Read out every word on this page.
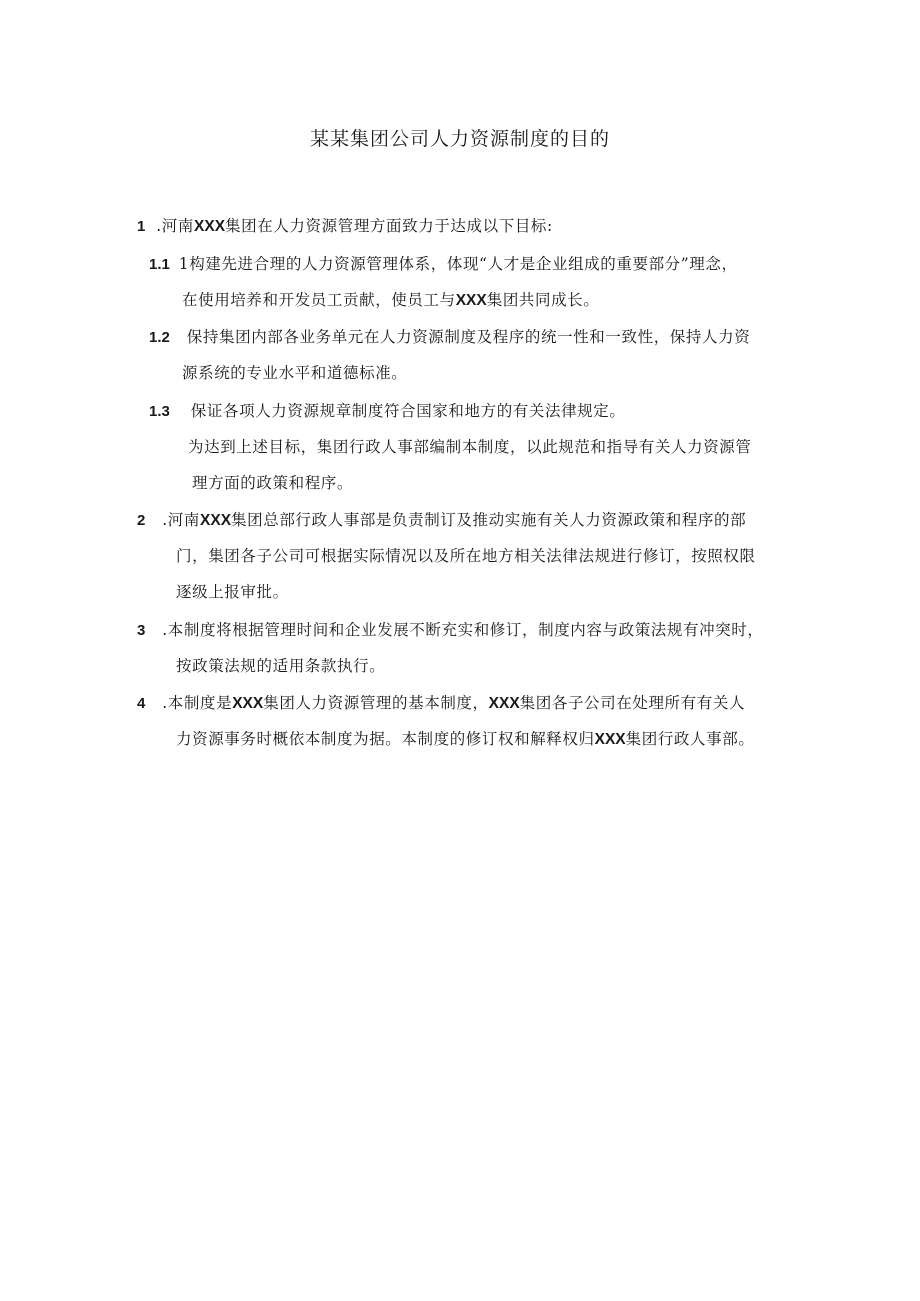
某某集团公司人力资源制度的目的
1 .河南XXX集团在人力资源管理方面致力于达成以下目标:
1.1 1构建先进合理的人力资源管理体系，体现“人才是企业组成的重要部分”理念，
在使用培养和开发员工贡献，使员工与XXX集团共同成长。
1.2 保持集团内部各业务单元在人力资源制度及程序的统一性和一致性，保持人力资
源系统的专业水平和道德标准。
1.3 保证各项人力资源规章制度符合国家和地方的有关法律规定。
为达到上述目标，集团行政人事部编制本制度，以此规范和指导有关人力资源管
理方面的政策和程序。
2 .河南XXX集团总部行政人事部是负责制订及推动实施有关人力资源政策和程序的部
门，集团各子公司可根据实际情况以及所在地方相关法律法规进行修订，按照权限
逐级上报审批。
3 .本制度将根据管理时间和企业发展不断充实和修订，制度内容与政策法规有冲突时，
按政策法规的适用条款执行。
4 .本制度是XXX集团人力资源管理的基本制度，XXX集团各子公司在处理所有有关人
力资源事务时概依本制度为据。本制度的修订权和解释权归XXX集团行政人事部。
